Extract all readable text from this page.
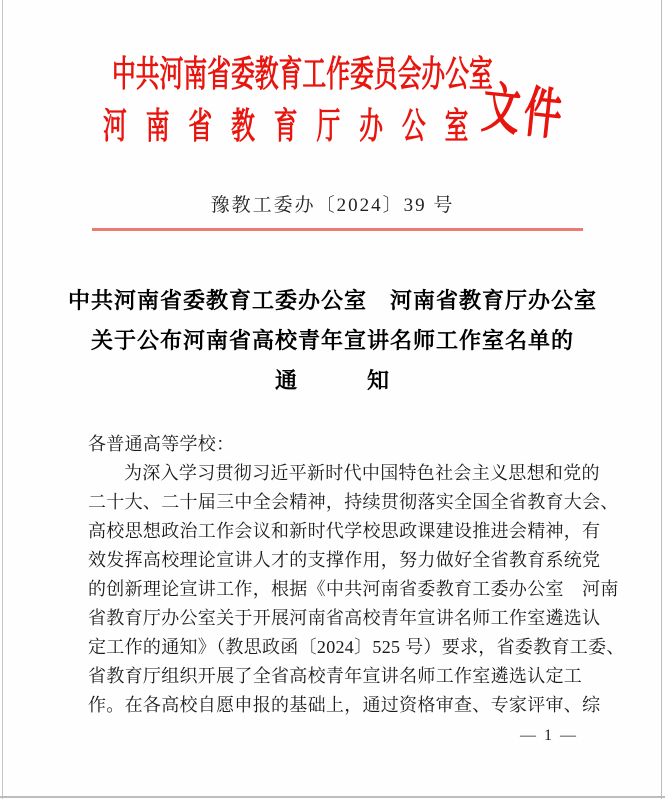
中共河南省委教育工作委员会办公室
河南省教育厅办公室
文件
豫教工委办〔2024〕39 号
中共河南省委教育工委办公室　河南省教育厅办公室
关于公布河南省高校青年宣讲名师工作室名单的
通　　　知
各普通高等学校：
为深入学习贯彻习近平新时代中国特色社会主义思想和党的
二十大、二十届三中全会精神，持续贯彻落实全国全省教育大会、
高校思想政治工作会议和新时代学校思政课建设推进会精神，有
效发挥高校理论宣讲人才的支撑作用，努力做好全省教育系统党
的创新理论宣讲工作，根据《中共河南省委教育工委办公室　河南
省教育厅办公室关于开展河南省高校青年宣讲名师工作室遴选认
定工作的通知》（教思政函〔2024〕525 号）要求，省委教育工委、
省教育厅组织开展了全省高校青年宣讲名师工作室遴选认定工
作。在各高校自愿申报的基础上，通过资格审查、专家评审、综
— 1 —
